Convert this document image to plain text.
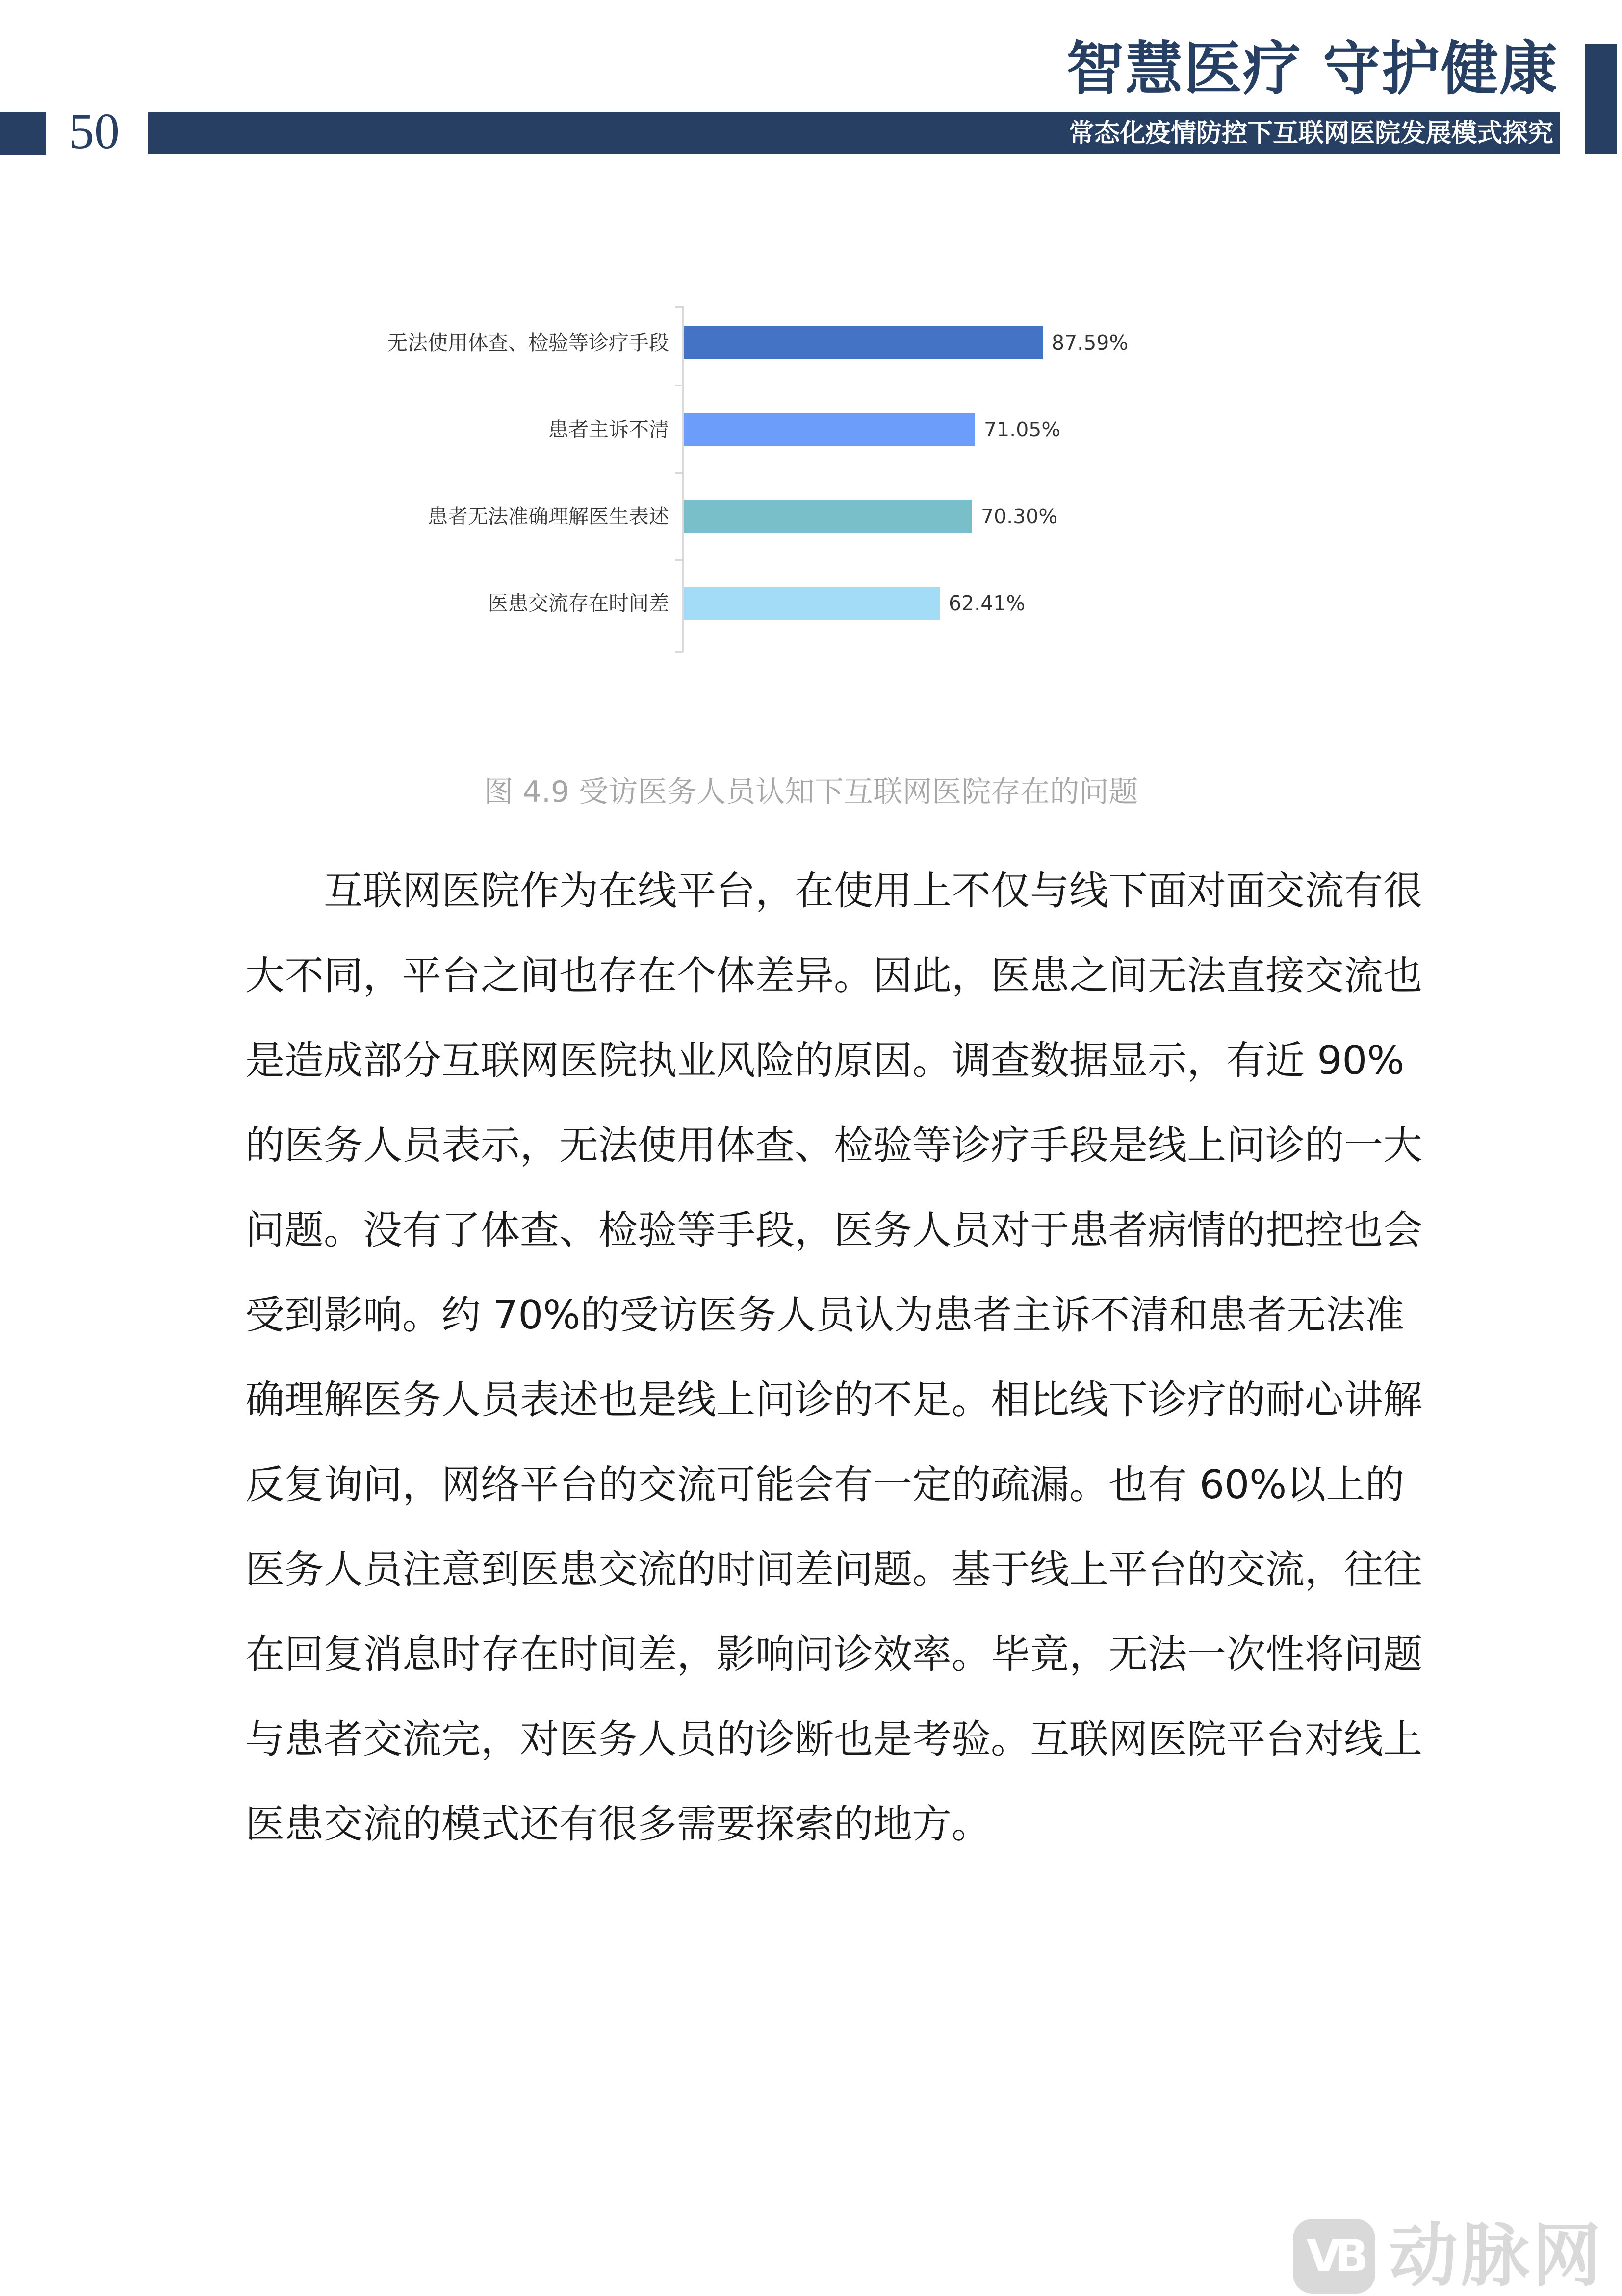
50	常态化疫情防控下互联网医院发展模式探究
智慧医疗 守护健康
无法使用体查、检验等诊疗手段	87.59%
患者主诉不清	71.05%
患者无法准确理解医生表述	70.30%
医患交流存在时间差	62.41%
图 4.9 受访医务人员认知下互联网医院存在的问题
互联网医院作为在线平台，在使用上不仅与线下面对面交流有很
大不同，平台之间也存在个体差异。因此，医患之间无法直接交流也
是造成部分互联网医院执业风险的原因。调查数据显示，有近 90%
的医务人员表示，无法使用体查、检验等诊疗手段是线上问诊的一大
问题。没有了体查、检验等手段，医务人员对于患者病情的把控也会
受到影响。约 70%的受访医务人员认为患者主诉不清和患者无法准
确理解医务人员表述也是线上问诊的不足。相比线下诊疗的耐心讲解
反复询问，网络平台的交流可能会有一定的疏漏。也有 60%以上的
医务人员注意到医患交流的时间差问题。基于线上平台的交流，往往
在回复消息时存在时间差，影响问诊效率。毕竟，无法一次性将问题
与患者交流完，对医务人员的诊断也是考验。互联网医院平台对线上
医患交流的模式还有很多需要探索的地方。
VB 动脉网
